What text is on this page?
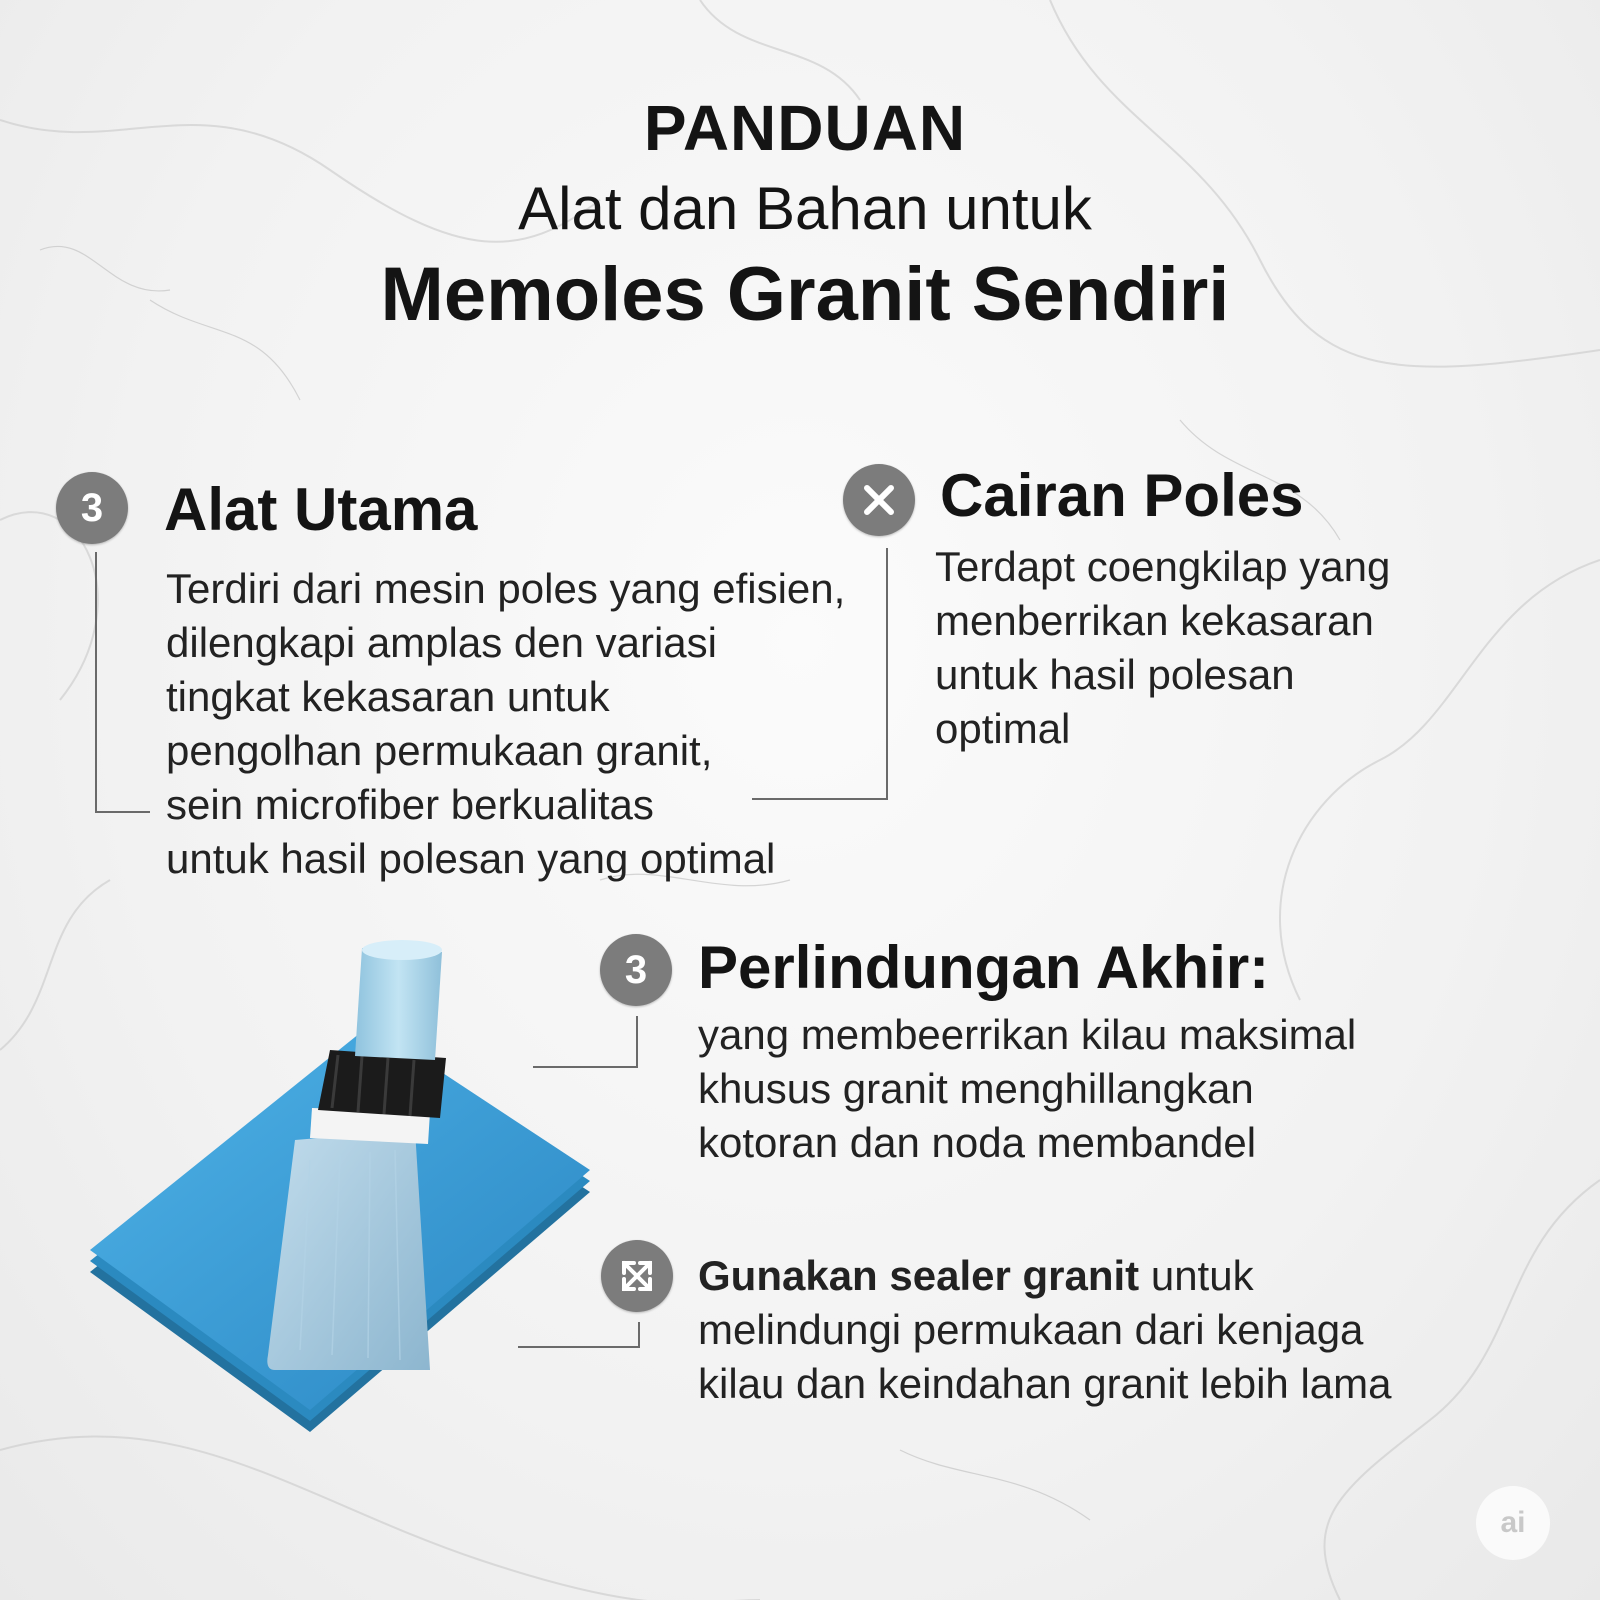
PANDUAN
Alat dan Bahan untuk
Memoles Granit Sendiri
3	Alat Utama
Terdiri dari mesin poles yang efisien,
dilengkapi amplas den variasi
tingkat kekasaran untuk
pengolhan permukaan granit,
sein microfiber berkualitas
untuk hasil polesan yang optimal
Cairan Poles
Terdapt coengkilap yang
menberrikan kekasaran
untuk hasil polesan
optimal
3 Perlindungan Akhir:
yang membeerrikan kilau maksimal
khusus granit menghillangkan
kotoran dan noda membandel
Gunakan sealer granit untuk
melindungi permukaan dari kenjaga
kilau dan keindahan granit lebih lama
ai
